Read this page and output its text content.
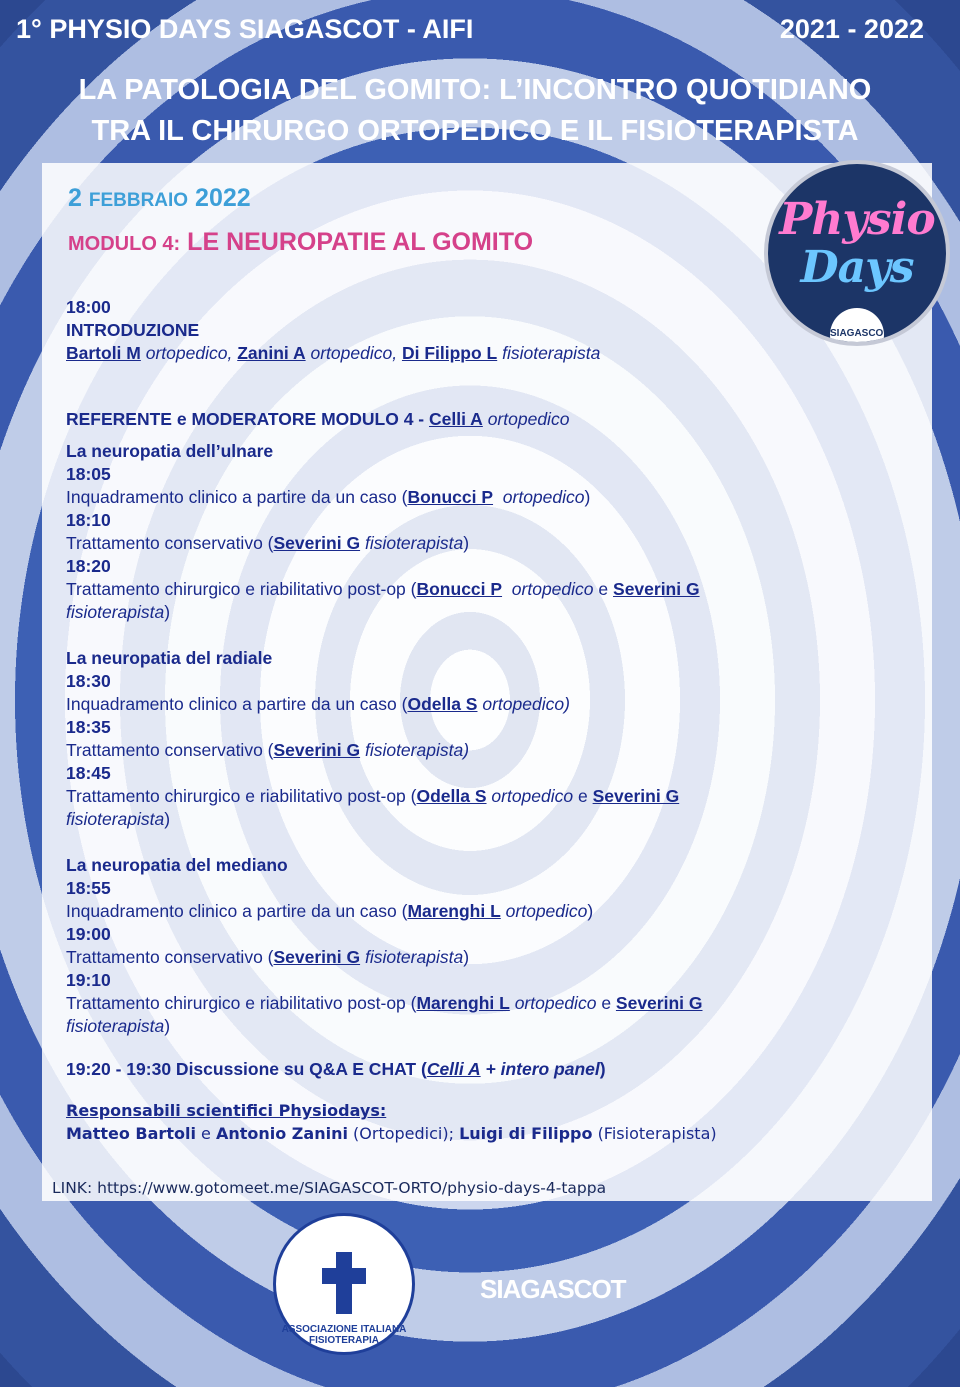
1° PHYSIO DAYS SIAGASCOT - AIFI	2021 - 2022
LA PATOLOGIA DEL GOMITO: L’INCONTRO QUOTIDIANO
TRA IL CHIRURGO ORTOPEDICO E IL FISIOTERAPISTA
2 FEBBRAIO 2022
MODULO 4: LE NEUROPATIE AL GOMITO
18:00
INTRODUZIONE
Bartoli M ortopedico, Zanini A ortopedico, Di Filippo L fisioterapista
REFERENTE e MODERATORE MODULO 4 - Celli A ortopedico
La neuropatia dell’ulnare
18:05
Inquadramento clinico a partire da un caso (Bonucci P ortopedico)
18:10
Trattamento conservativo (Severini G fisioterapista)
18:20
Trattamento chirurgico e riabilitativo post-op (Bonucci P ortopedico e Severini G
fisioterapista)
La neuropatia del radiale
18:30
Inquadramento clinico a partire da un caso (Odella S ortopedico)
18:35
Trattamento conservativo (Severini G fisioterapista)
18:45
Trattamento chirurgico e riabilitativo post-op (Odella S ortopedico e Severini G
fisioterapista)
La neuropatia del mediano
18:55
Inquadramento clinico a partire da un caso (Marenghi L ortopedico)
19:00
Trattamento conservativo (Severini G fisioterapista)
19:10
Trattamento chirurgico e riabilitativo post-op (Marenghi L ortopedico e Severini G
fisioterapista)
19:20 - 19:30 Discussione su Q&A E CHAT (Celli A + intero panel)
Responsabili scientifici Physiodays:
Matteo Bartoli e Antonio Zanini (Ortopedici); Luigi di Filippo (Fisioterapista)
LINK: https://www.gotomeet.me/SIAGASCOT-ORTO/physio-days-4-tappa
Physio
Days
SIAGASCOT
ASSOCIAZIONE ITALIANA FISIOTERAPIA
SIAGASCOT
